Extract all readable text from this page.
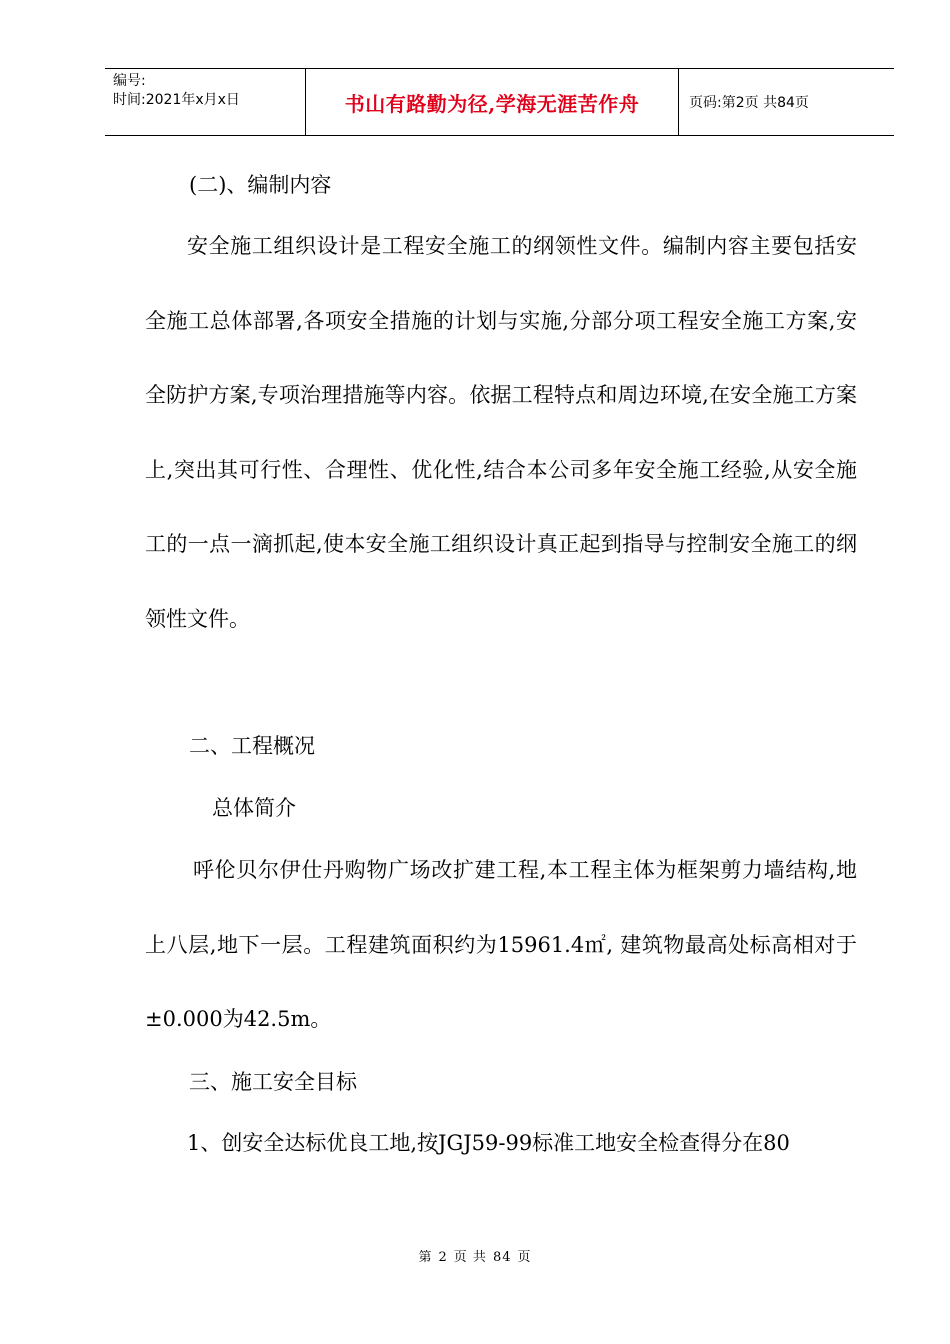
编号:
时间:2021年x月x日	书山有路勤为径,学海无涯苦作舟	页码:第2页 共84页
(二)、编制内容

安全施工组织设计是工程安全施工的纲领性文件。编制内容主要包括安全施工总体部署,各项安全措施的计划与实施,分部分项工程安全施工方案,安全防护方案,专项治理措施等内容。依据工程特点和周边环境,在安全施工方案上,突出其可行性、合理性、优化性,结合本公司多年安全施工经验,从安全施工的一点一滴抓起,使本安全施工组织设计真正起到指导与控制安全施工的纲领性文件。

二、工程概况
总体简介

呼伦贝尔伊仕丹购物广场改扩建工程,本工程主体为框架剪力墙结构,地上八层,地下一层。工程建筑面积约为15961.4㎡, 建筑物最高处标高相对于±0.000为42.5m。

三、施工安全目标

1、创安全达标优良工地,按JGJ59-99标准工地安全检查得分在80

第 2 页 共 84 页
